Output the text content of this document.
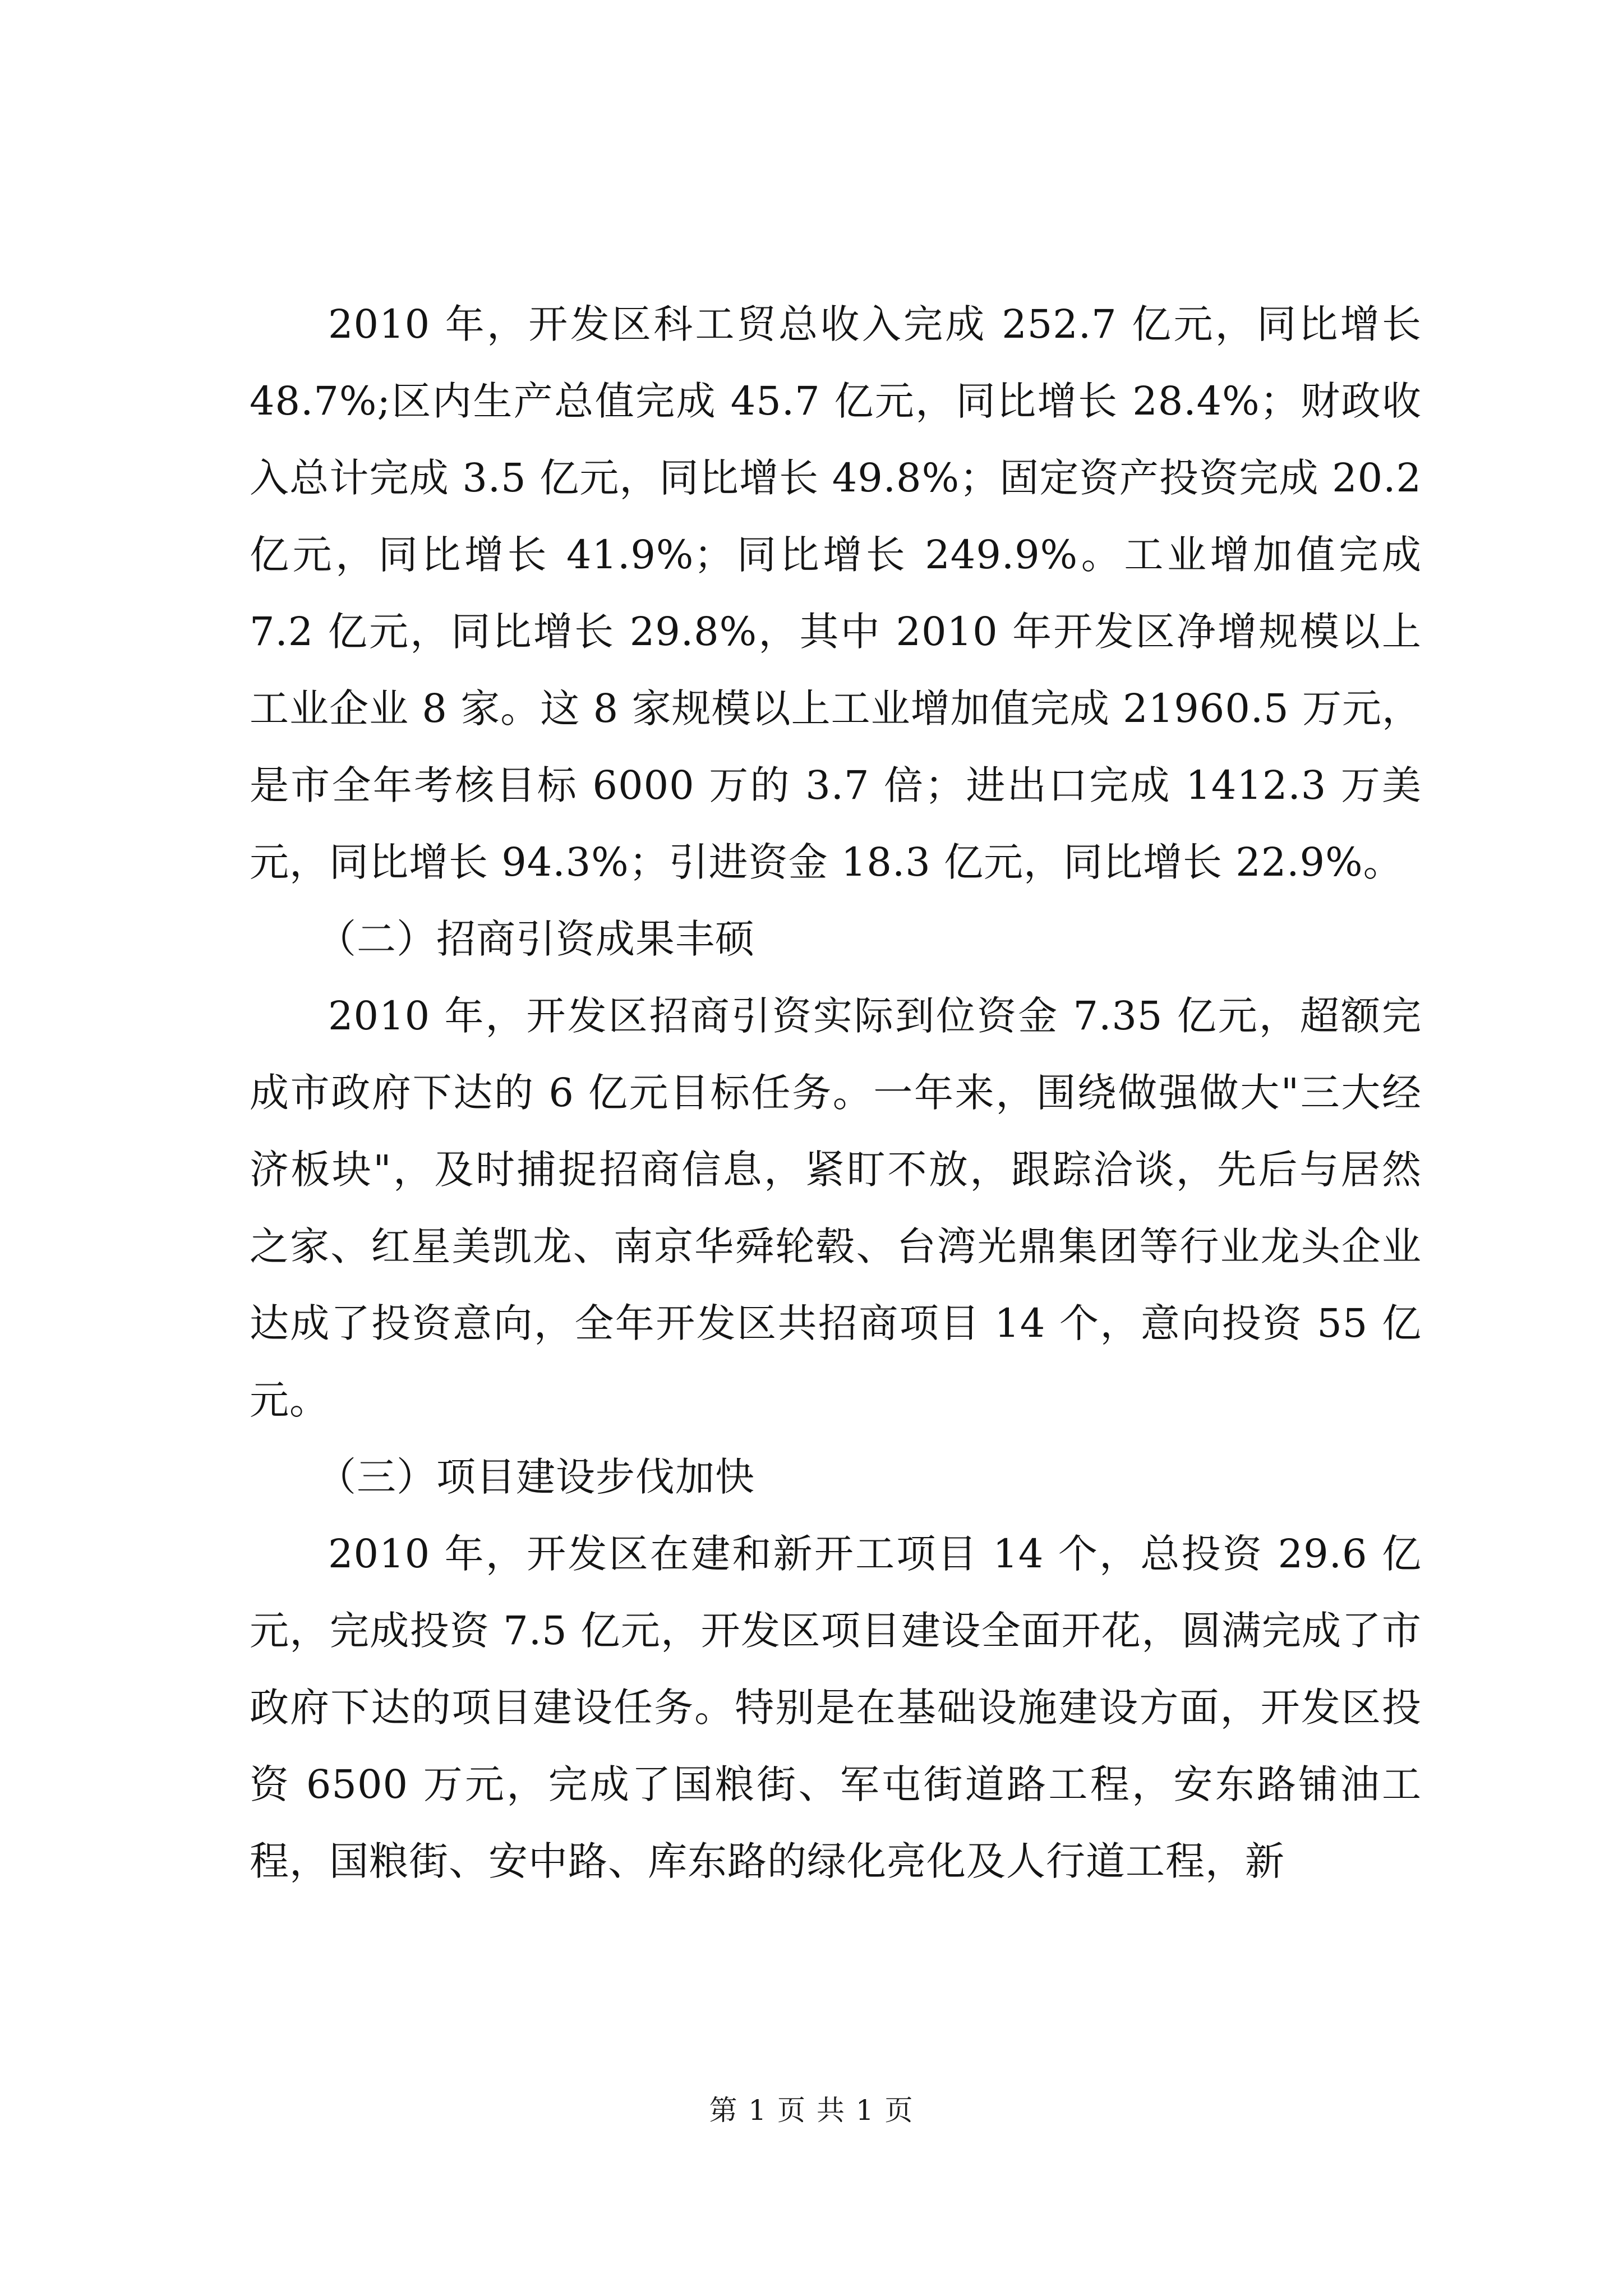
2010 年，开发区科工贸总收入完成 252.7 亿元，同比增长 48.7%;区内生产总值完成 45.7 亿元，同比增长 28.4%；财政收入总计完成 3.5 亿元，同比增长 49.8%；固定资产投资完成 20.2 亿元，同比增长 41.9%；同比增长 249.9%。工业增加值完成 7.2 亿元，同比增长 29.8%，其中 2010 年开发区净增规模以上工业企业 8 家。这 8 家规模以上工业增加值完成 21960.5 万元，是市全年考核目标 6000 万的 3.7 倍；进出口完成 1412.3 万美元，同比增长 94.3%；引进资金 18.3 亿元，同比增长 22.9%。

（二）招商引资成果丰硕

2010 年，开发区招商引资实际到位资金 7.35 亿元，超额完成市政府下达的 6 亿元目标任务。一年来，围绕做强做大"三大经济板块"，及时捕捉招商信息，紧盯不放，跟踪洽谈，先后与居然之家、红星美凯龙、南京华舜轮毂、台湾光鼎集团等行业龙头企业达成了投资意向，全年开发区共招商项目 14 个，意向投资 55 亿元。

（三）项目建设步伐加快

2010 年，开发区在建和新开工项目 14 个，总投资 29.6 亿元，完成投资 7.5 亿元，开发区项目建设全面开花，圆满完成了市政府下达的项目建设任务。特别是在基础设施建设方面，开发区投资 6500 万元，完成了国粮街、军屯街道路工程，安东路铺油工程，国粮街、安中路、库东路的绿化亮化及人行道工程，新

第 1 页 共 1 页
